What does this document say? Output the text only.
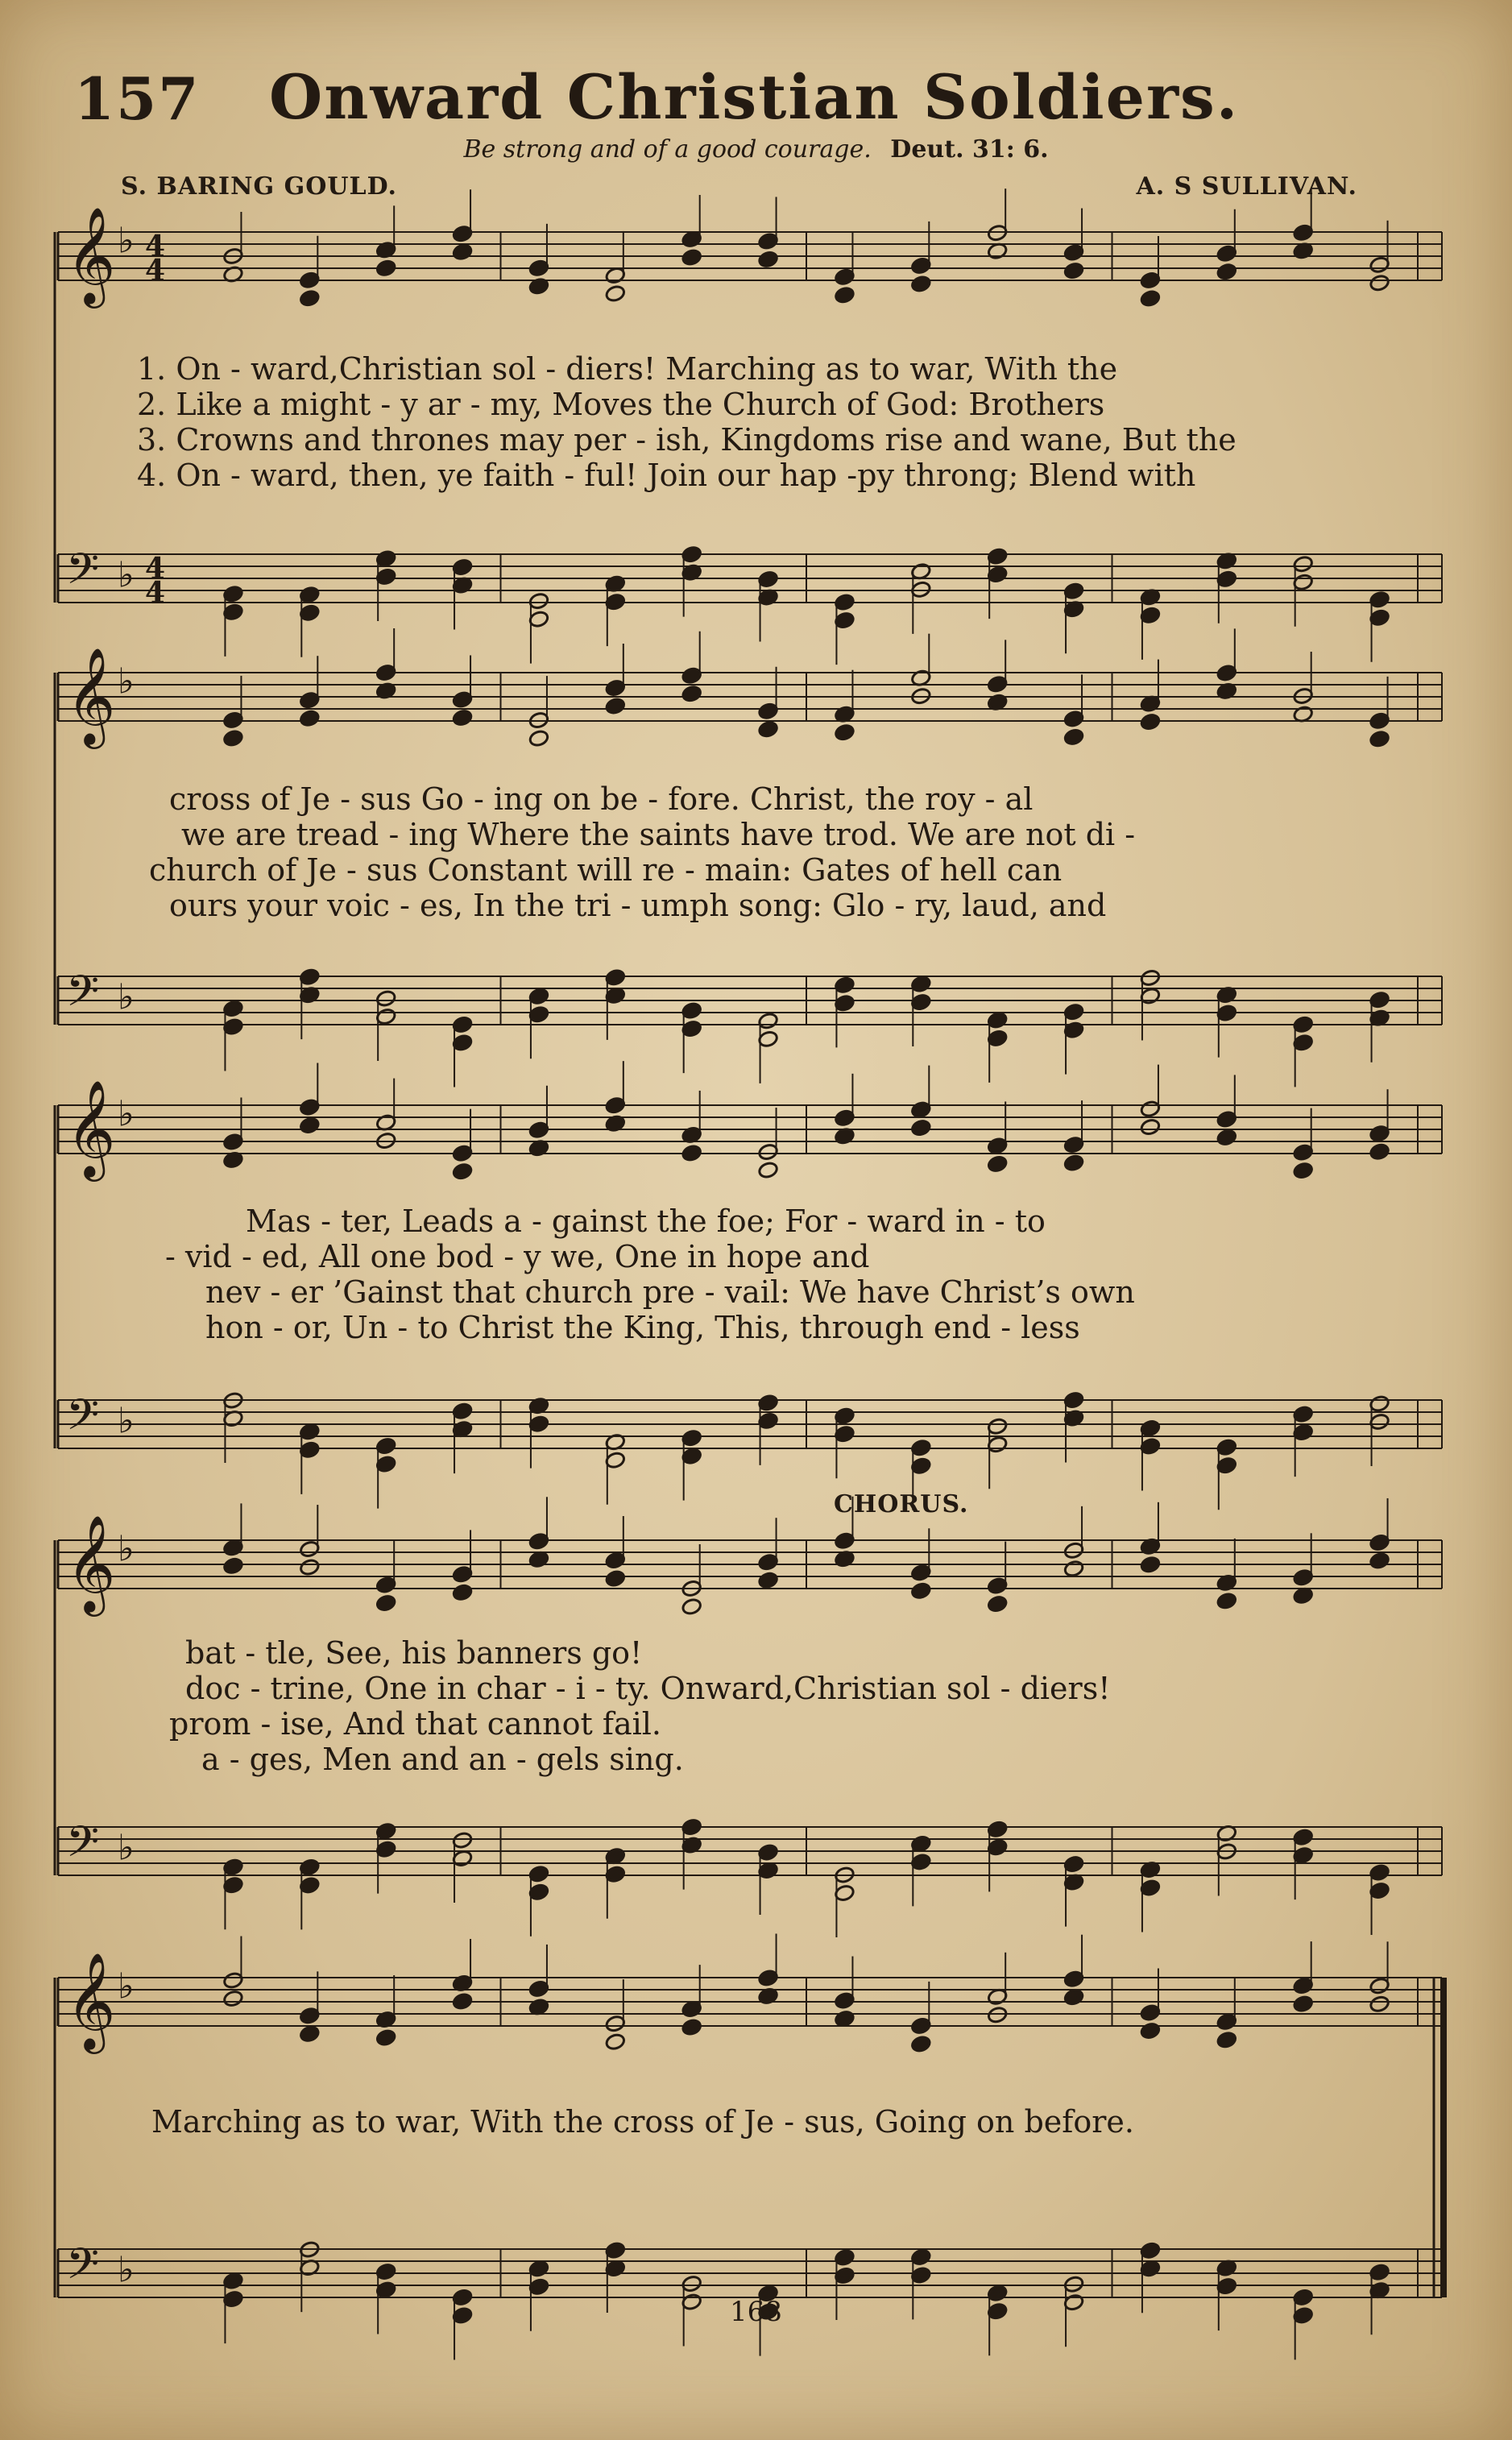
157 Onward Christian Soldiers.
Be strong and of a good courage. Deut. 31: 6.
S. BARING GOULD.	A. S SULLIVAN.
𝄞 ♭ 4
4
𝄢 ♭ 4
4
𝄞 ♭
𝄢 ♭
𝄞 ♭
𝄢 ♭
𝄞 ♭
𝄢 ♭
𝄞 ♭
𝄢 ♭
CHORUS.
1. On - ward,Christian sol - diers! Marching as to war, With the
2. Like a might - y ar - my, Moves the Church of God: Brothers
3. Crowns and thrones may per - ish, Kingdoms rise and wane, But the
4. On - ward, then, ye faith - ful! Join our hap -py throng; Blend with
cross of Je - sus Go - ing on be - fore. Christ, the roy - al
we are tread - ing Where the saints have trod. We are not di -
church of Je - sus Constant will re - main: Gates of hell can
ours your voic - es, In the tri - umph song: Glo - ry, laud, and
Mas - ter, Leads a - gainst the foe; For - ward in - to
- vid - ed, All one bod - y we, One in hope and
nev - er ’Gainst that church pre - vail: We have Christ’s own
hon - or, Un - to Christ the King, This, through end - less
bat - tle, See, his banners go!
doc - trine, One in char - i - ty. Onward,Christian sol - diers!
prom - ise, And that cannot fail.
a - ges, Men and an - gels sing.
Marching as to war, With the cross of Je - sus, Going on before.
168
